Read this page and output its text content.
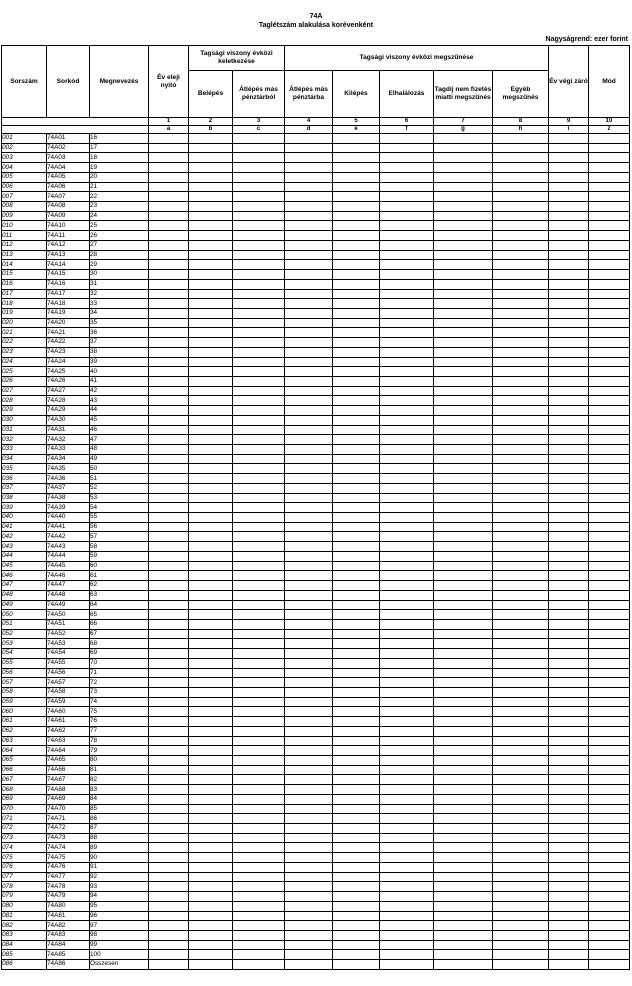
74A
Taglétszám alakulása korévenként
Nagyságrend: ezer forint
Sorszám	Sorkód	Megnevezés	Év eleji nyitó	Tagsági viszony évközi keletkezése		Tagsági viszony évközi megszűnése					Év végi záró	Mód
				Belépés	Átlépés más pénztárból	Átlépés más pénztárba	Kilépés	Elhalálozás	Tagdíj nem fizetés miatti megszűnés	Egyéb megszűnés		
			1	2	3	4	5	6	7	8	9	10
			a	b	c	d	e	f	g	h	i	z
001	74A01	16										
002	74A02	17										
003	74A03	18										
004	74A04	19										
005	74A05	20										
006	74A06	21										
007	74A07	22										
008	74A08	23										
009	74A09	24										
010	74A10	25										
011	74A11	26										
012	74A12	27										
013	74A13	28										
014	74A14	29										
015	74A15	30										
016	74A16	31										
017	74A17	32										
018	74A18	33										
019	74A19	34										
020	74A20	35										
021	74A21	36										
022	74A22	37										
023	74A23	38										
024	74A24	39										
025	74A25	40										
026	74A26	41										
027	74A27	42										
028	74A28	43										
029	74A29	44										
030	74A30	45										
031	74A31	46										
032	74A32	47										
033	74A33	48										
034	74A34	49										
035	74A35	50										
036	74A36	51										
037	74A37	52										
038	74A38	53										
039	74A39	54										
040	74A40	55										
041	74A41	56										
042	74A42	57										
043	74A43	58										
044	74A44	59										
045	74A45	60										
046	74A46	61										
047	74A47	62										
048	74A48	63										
049	74A49	64										
050	74A50	65										
051	74A51	66										
052	74A52	67										
053	74A53	68										
054	74A54	69										
055	74A55	70										
056	74A56	71										
057	74A57	72										
058	74A58	73										
059	74A59	74										
060	74A60	75										
061	74A61	76										
062	74A62	77										
063	74A63	78										
064	74A64	79										
065	74A65	80										
066	74A66	81										
067	74A67	82										
068	74A68	83										
069	74A69	84										
070	74A70	85										
071	74A71	86										
072	74A72	87										
073	74A73	88										
074	74A74	89										
075	74A75	90										
076	74A76	91										
077	74A77	92										
078	74A78	93										
079	74A79	94										
080	74A80	95										
081	74A81	96										
082	74A82	97										
083	74A83	98										
084	74A84	99										
085	74A85	100										
086	74A86	Összesen										
